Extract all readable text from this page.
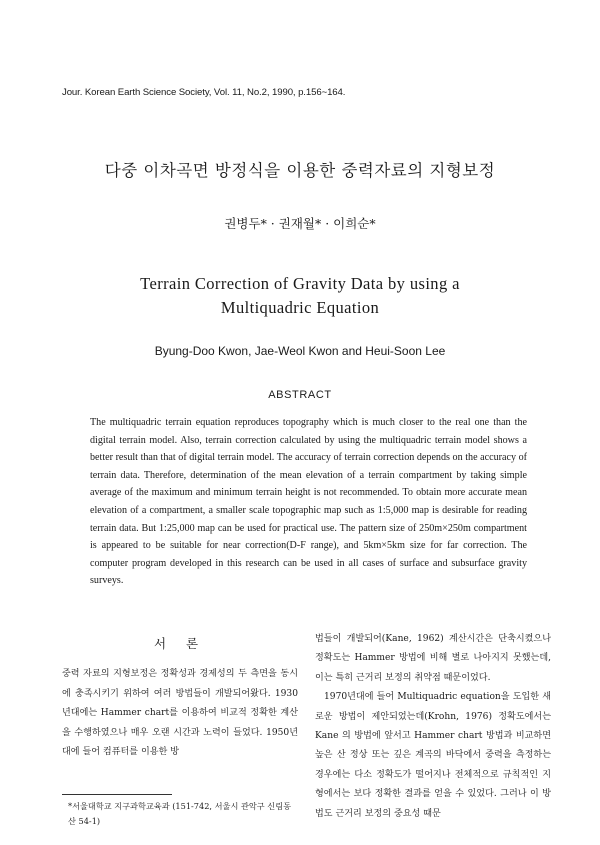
Jour. Korean Earth Science Society, Vol. 11, No.2, 1990, p.156~164.
다중 이차곡면 방정식을 이용한 중력자료의 지형보정
권병두* · 권재월* · 이희순*
Terrain Correction of Gravity Data by using a
Multiquadric Equation
Byung-Doo Kwon, Jae-Weol Kwon and Heui-Soon Lee
ABSTRACT

The multiquadric terrain equation reproduces topography which is much closer to the real one than the digital terrain model. Also, terrain correction calculated by using the multiquadric terrain model shows a better result than that of digital terrain model. The accuracy of terrain correction depends on the accuracy of terrain data. Therefore, determination of the mean elevation of a terrain compartment by taking simple average of the maximum and minimum terrain height is not recommended. To obtain more accurate mean elevation of a compartment, a smaller scale topographic map such as 1:5,000 map is desirable for reading terrain data. But 1:25,000 map can be used for practical use. The pattern size of 250m×250m compartment is appeared to be suitable for near correction(D-F range), and 5km×5km size for far correction. The computer program developed in this research can be used in all cases of surface and subsurface gravity surveys.

서 론

중력 자료의 지형보정은 정확성과 경제성의 두 측면을 동시에 충족시키기 위하여 여러 방법들이 개발되어왔다. 1930년대에는 Hammer chart를 이용하여 비교적 정확한 계산을 수행하였으나 매우 오랜 시간과 노력이 들었다. 1950년대에 들어 컴퓨터를 이용한 방

법들이 개발되어(Kane, 1962) 계산시간은 단축시켰으나 정확도는 Hammer 방법에 비해 별로 나아지지 못했는데, 이는 특히 근거리 보정의 취약점 때문이었다.

1970년대에 들어 Multiquadric equation을 도입한 새로운 방법이 제안되었는데(Krohn, 1976) 정확도에서는 Kane 의 방법에 앞서고 Hammer chart 방법과 비교하면 높은 산 정상 또는 깊은 계곡의 바닥에서 중력을 측정하는 경우에는 다소 정확도가 떨어지나 전체적으로 규칙적인 지형에서는 보다 정확한 결과를 얻을 수 있었다. 그러나 이 방법도 근거리 보정의 중요성 때문

*서울대학교 지구과학교육과 (151-742, 서울시 관악구 신림동 산 54-1)
